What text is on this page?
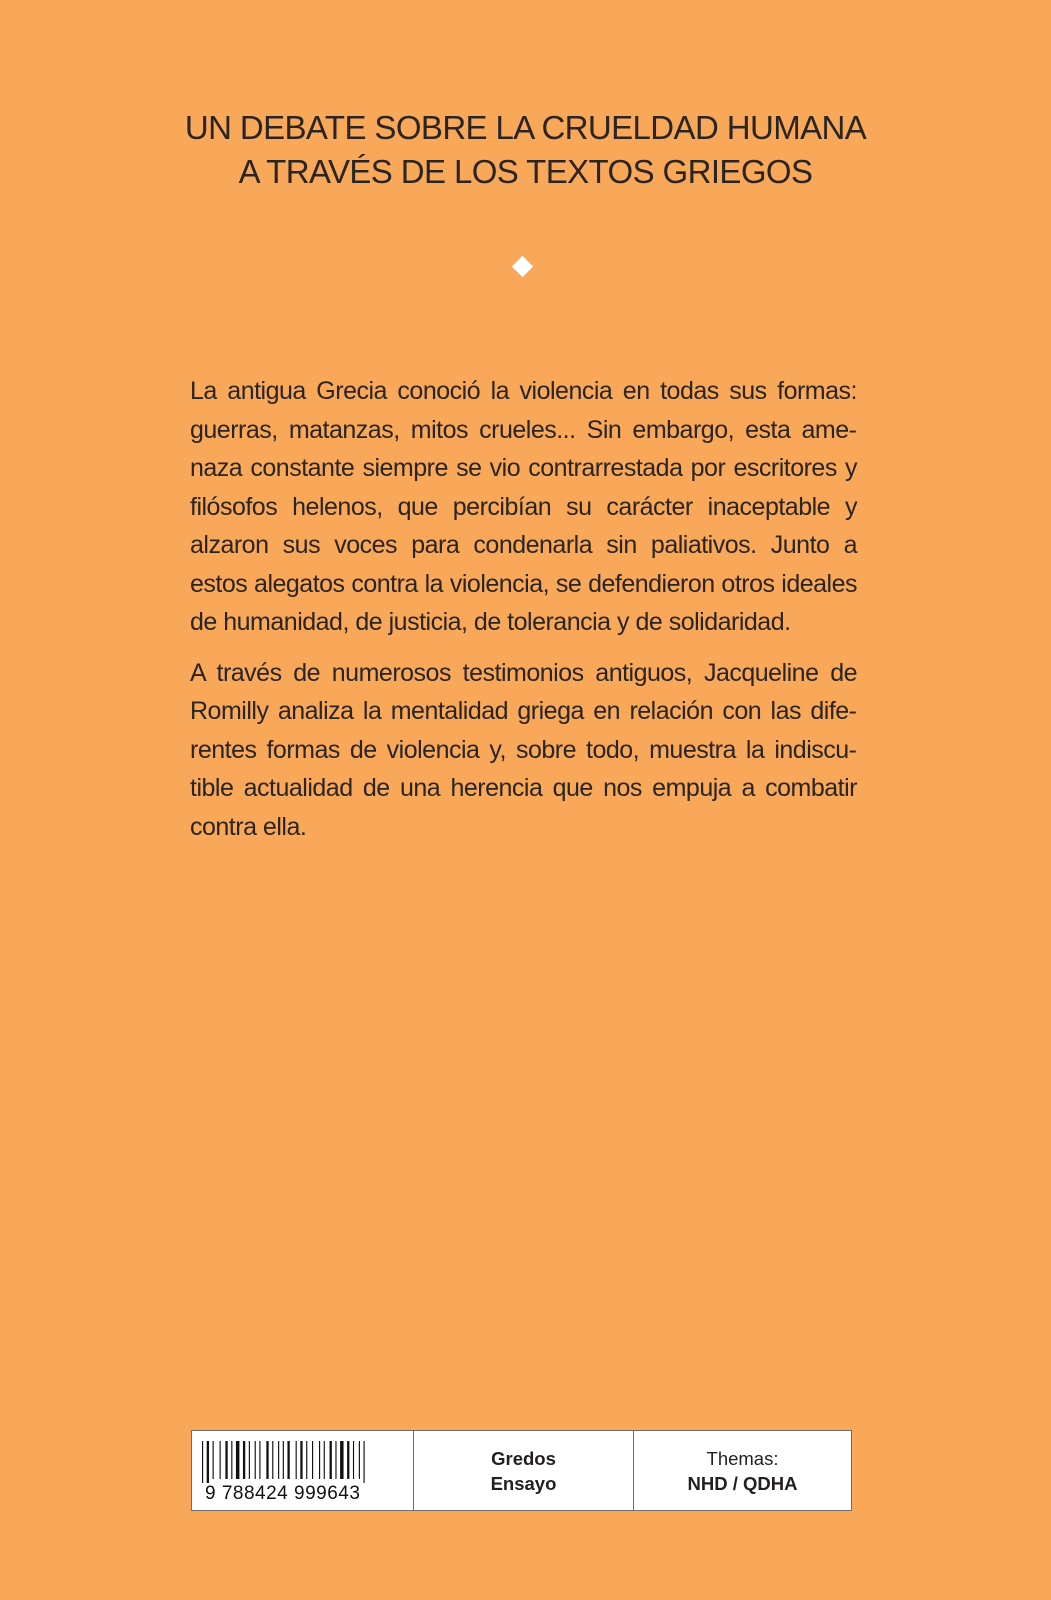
UN DEBATE SOBRE LA CRUELDAD HUMANA
A TRAVÉS DE LOS TEXTOS GRIEGOS

La antigua Grecia conoció la violencia en todas sus formas: guerras, matanzas, mitos crueles... Sin embargo, esta amenaza constante siempre se vio contrarrestada por escritores y filósofos helenos, que percibían su carácter inaceptable y alzaron sus voces para condenarla sin paliativos. Junto a estos alegatos contra la violencia, se defendieron otros ideales de humanidad, de justicia, de tolerancia y de solidaridad.

A través de numerosos testimonios antiguos, Jacqueline de Romilly analiza la mentalidad griega en relación con las diferentes formas de violencia y, sobre todo, muestra la indiscutible actualidad de una herencia que nos empuja a combatir contra ella.

9 788424 999643
Gredos
Ensayo
Themas:
NHD / QDHA
